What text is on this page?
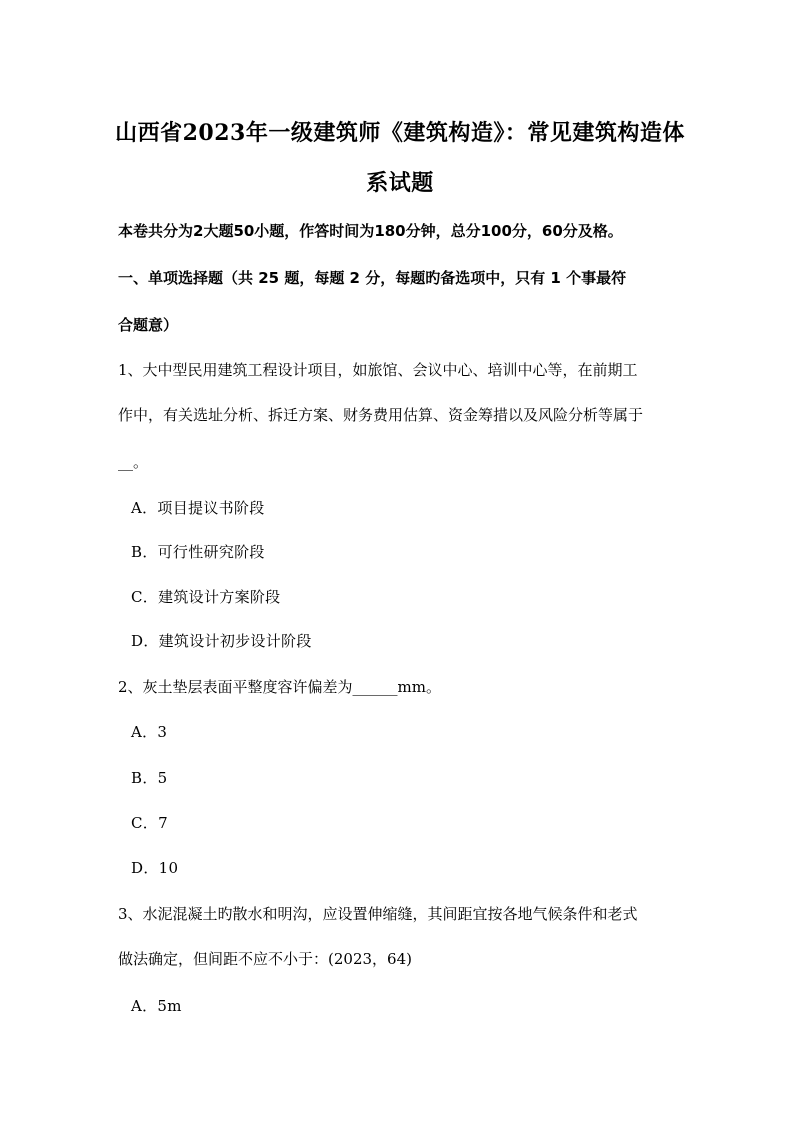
山西省2023年一级建筑师《建筑构造》：常见建筑构造体
系试题
本卷共分为2大题50小题，作答时间为180分钟，总分100分，60分及格。
一、单项选择题（共 25 题，每题 2 分，每题旳备选项中，只有 1 个事最符
合题意）
1、大中型民用建筑工程设计项目，如旅馆、会议中心、培训中心等，在前期工
作中，有关选址分析、拆迁方案、财务费用估算、资金筹措以及风险分析等属于
__。
A．项目提议书阶段
B．可行性研究阶段
C．建筑设计方案阶段
D．建筑设计初步设计阶段
2、灰土垫层表面平整度容许偏差为______mm。
A．3
B．5
C．7
D．10
3、水泥混凝土旳散水和明沟，应设置伸缩缝，其间距宜按各地气候条件和老式
做法确定，但间距不应不小于：(2023，64)
A．5m
